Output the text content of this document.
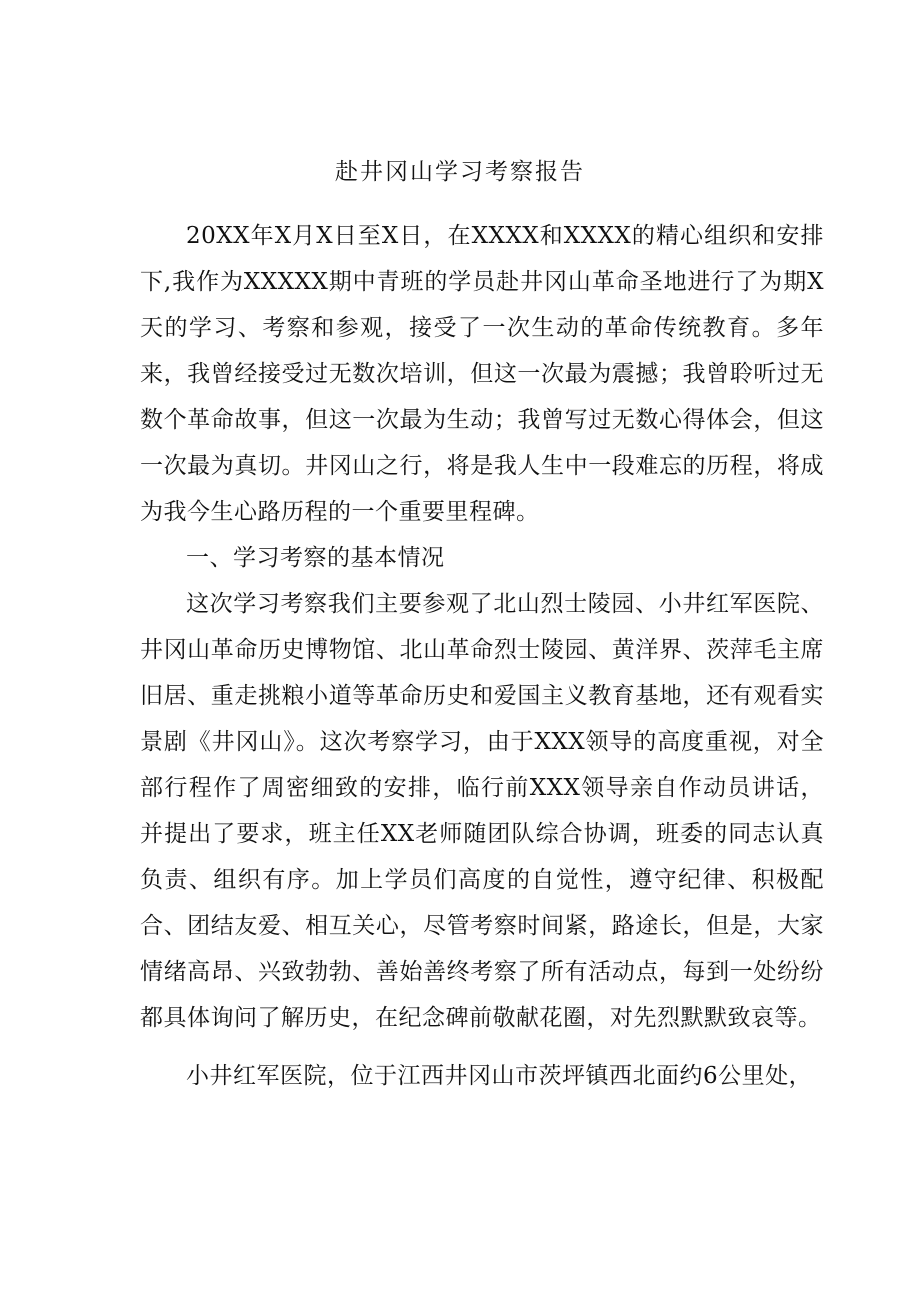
赴井冈山学习考察报告

20XX年X月X日至X日，在XXXX和XXXX的精心组织和安排下,我作为XXXXX期中青班的学员赴井冈山革命圣地进行了为期X天的学习、考察和参观，接受了一次生动的革命传统教育。多年来，我曾经接受过无数次培训，但这一次最为震撼；我曾聆听过无数个革命故事，但这一次最为生动；我曾写过无数心得体会，但这一次最为真切。井冈山之行，将是我人生中一段难忘的历程，将成为我今生心路历程的一个重要里程碑。

一、学习考察的基本情况

这次学习考察我们主要参观了北山烈士陵园、小井红军医院、井冈山革命历史博物馆、北山革命烈士陵园、黄洋界、茨萍毛主席旧居、重走挑粮小道等革命历史和爱国主义教育基地，还有观看实景剧《井冈山》。这次考察学习，由于XXX领导的高度重视，对全部行程作了周密细致的安排，临行前XXX领导亲自作动员讲话，并提出了要求，班主任XX老师随团队综合协调，班委的同志认真负责、组织有序。加上学员们高度的自觉性，遵守纪律、积极配合、团结友爱、相互关心，尽管考察时间紧，路途长，但是，大家情绪高昂、兴致勃勃、善始善终考察了所有活动点，每到一处纷纷都具体询问了解历史，在纪念碑前敬献花圈，对先烈默默致哀等。

小井红军医院，位于江西井冈山市茨坪镇西北面约6公里处，
